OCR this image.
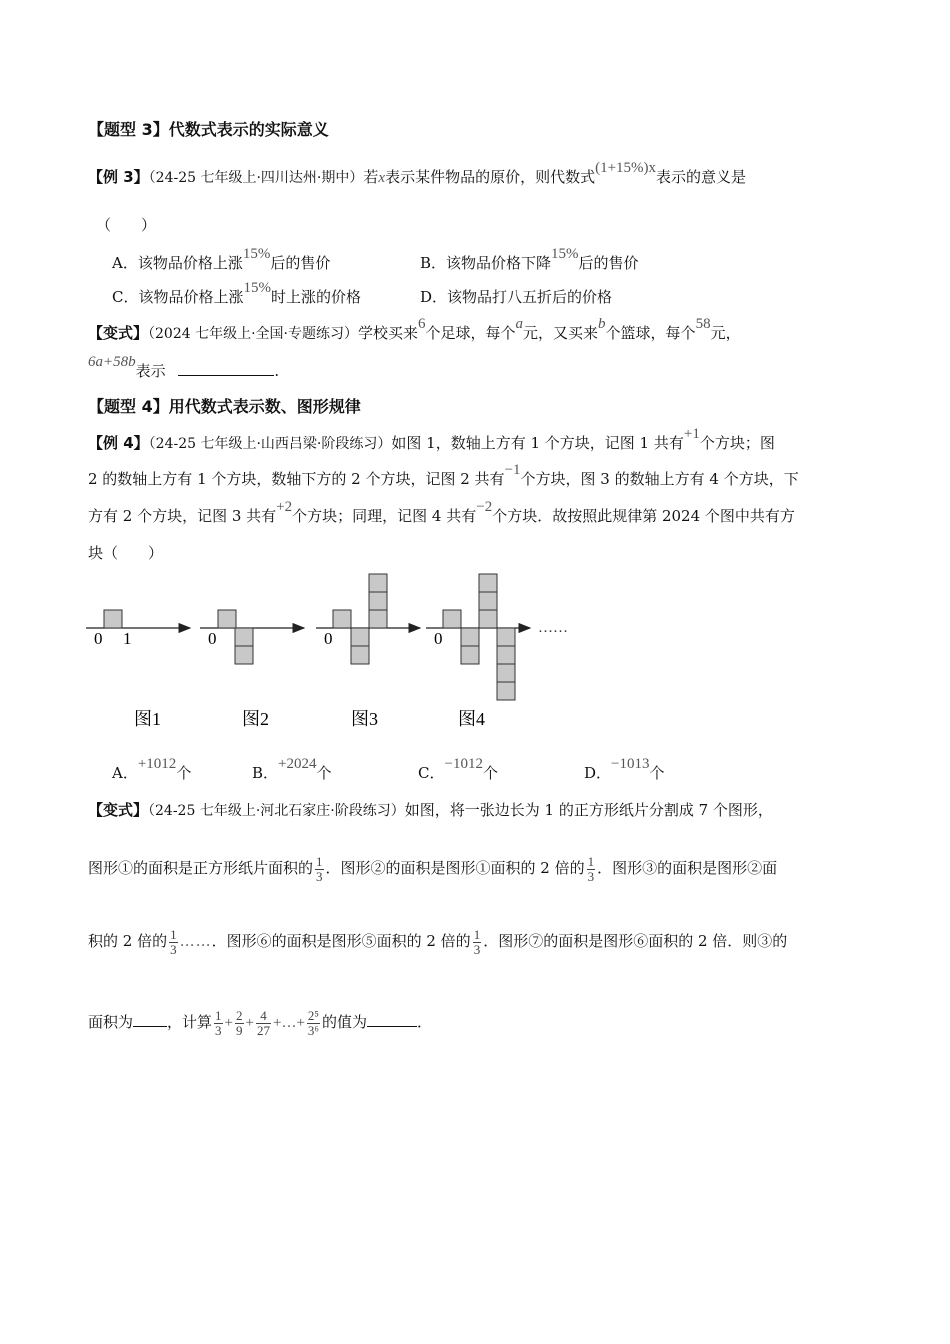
【题型 3】代数式表示的实际意义
【例 3】（24-25 七年级上·四川达州·期中）若x表示某件物品的原价，则代数式(1+15%)x表示的意义是
（　　）
A．该物品价格上涨15%后的售价	B．该物品价格下降15%后的售价
C．该物品价格上涨15%时上涨的价格	D．该物品打八五折后的价格
【变式】（2024 七年级上·全国·专题练习）学校买来6个足球，每个a元，又买来b个篮球，每个58元，
6a+58b表示	.
【题型 4】用代数式表示数、图形规律
【例 4】（24-25 七年级上·山西吕梁·阶段练习）如图 1，数轴上方有 1 个方块，记图 1 共有+1个方块；图
2 的数轴上方有 1 个方块，数轴下方的 2 个方块，记图 2 共有−1个方块，图 3 的数轴上方有 4 个方块，下
方有 2 个方块，记图 3 共有+2个方块；同理，记图 4 共有−2个方块．故按照此规律第 2024 个图中共有方
块（　　）
0 1	0	0	0
……
图1	图2	图3	图4
A．+1012个	B．+2024个	C．−1012个	D．−1013个
【变式】（24-25 七年级上·河北石家庄·阶段练习）如图，将一张边长为 1 的正方形纸片分割成 7 个图形，
图形①的面积是正方形纸片面积的 $\frac{1}{3}$ ．图形②的面积是图形①面积的 2 倍的 $\frac{1}{3}$ ．图形③的面积是图形②面
积的 2 倍的 $\frac{1}{3}$ ……．图形⑥的面积是图形⑤面积的 2 倍的 $\frac{1}{3}$ ．图形⑦的面积是图形⑥面积的 2 倍．则③的
面积为 ，计算 $\frac{1}{3} + \frac{2}{9} + \frac{4}{27}$ +…+ $\frac{\text{2⁵}}{\text{3⁶}}$ 的值为	．
